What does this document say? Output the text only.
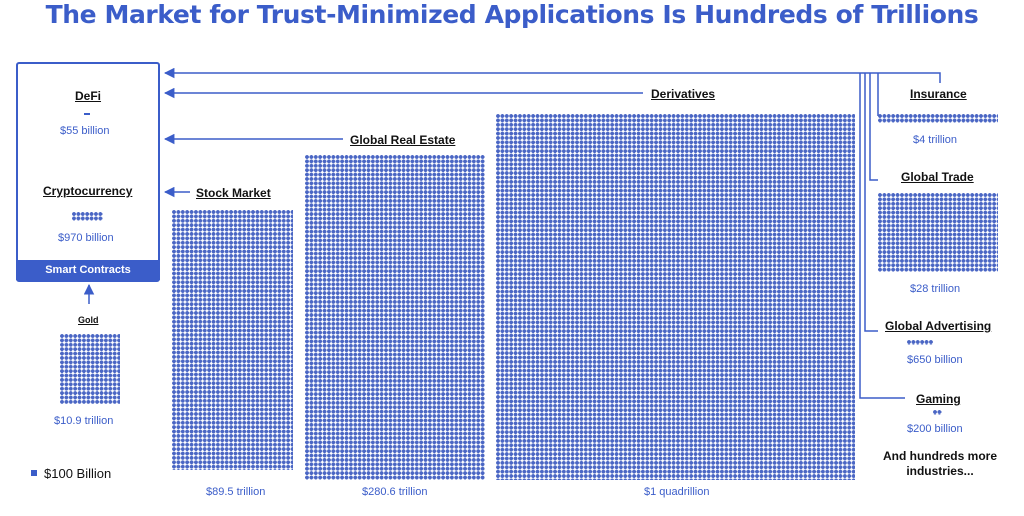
The Market for Trust-Minimized Applications Is Hundreds of Trillions
DeFi
$55 billion
Cryptocurrency
$970 billion
Smart Contracts
Gold
$10.9 trillion
Stock Market
$89.5 trillion
Global Real Estate
$280.6 trillion
Derivatives
$1 quadrillion
Insurance
$4 trillion
Global Trade
$28 trillion
Global Advertising
$650 billion
Gaming
$200 billion
And hundreds more industries...
$100 Billion
